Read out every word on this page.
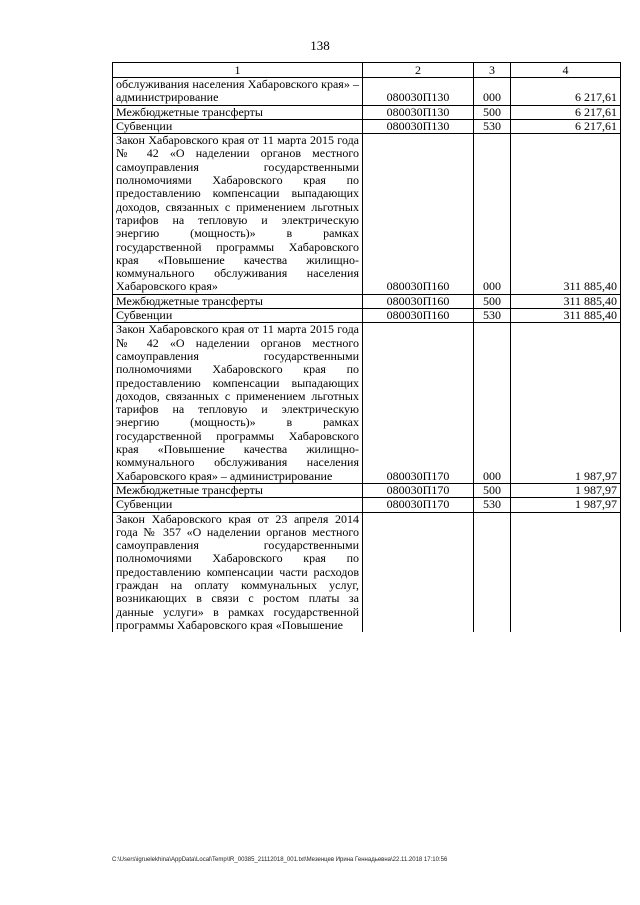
138
1	2	3	4
обслуживания населения Хабаровского края» – администрирование	080030П130	000	6 217,61
Межбюджетные трансферты	080030П130	500	6 217,61
Субвенции	080030П130	530	6 217,61
Закон Хабаровского края от 11 марта 2015 года № 42 «О наделении органов местного самоуправления государственными полномочиями Хабаровского края по предоставлению компенсации выпадающих доходов, связанных с применением льготных тарифов на тепловую и электрическую энергию (мощность)» в рамках государственной программы Хабаровского края «Повышение качества жилищно-коммунального обслуживания населения Хабаровского края»	080030П160	000	311 885,40
Межбюджетные трансферты	080030П160	500	311 885,40
Субвенции	080030П160	530	311 885,40
Закон Хабаровского края от 11 марта 2015 года № 42 «О наделении органов местного самоуправления государственными полномочиями Хабаровского края по предоставлению компенсации выпадающих доходов, связанных с применением льготных тарифов на тепловую и электрическую энергию (мощность)» в рамках государственной программы Хабаровского края «Повышение качества жилищно-коммунального обслуживания населения Хабаровского края» – администрирование	080030П170	000	1 987,97
Межбюджетные трансферты	080030П170	500	1 987,97
Субвенции	080030П170	530	1 987,97
Закон Хабаровского края от 23 апреля 2014 года № 357 «О наделении органов местного самоуправления государственными полномочиями Хабаровского края по предоставлению компенсации части расходов граждан на оплату коммунальных услуг, возникающих в связи с ростом платы за данные услуги» в рамках государственной программы Хабаровского края «Повышение			
C:\Users\igruelekhina\AppData\Local\Temp\IR_00385_21112018_001.txt\Мезенцев Ирина Геннадьевна\22.11.2018 17:10:56
